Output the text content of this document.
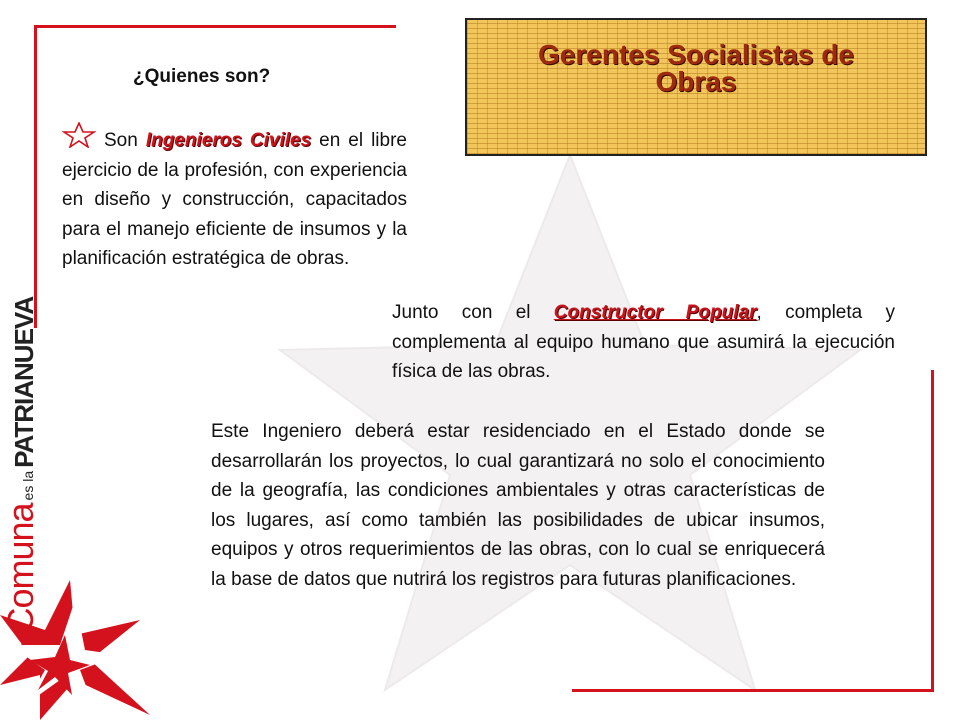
Gerentes Socialistas de Obras
¿Quienes son?
Son Ingenieros Civiles en el libre ejercicio de la profesión, con experiencia en diseño y construcción, capacitados para el manejo eficiente de insumos y la planificación estratégica de obras.
Junto con el Constructor Popular, completa y complementa al equipo humano que asumirá la ejecución física de las obras.
Este Ingeniero deberá estar residenciado en el Estado donde se desarrollarán los proyectos, lo cual garantizará no solo el conocimiento de la geografía, las condiciones ambientales y otras características de los lugares, así como también las posibilidades de ubicar insumos, equipos y otros requerimientos de las obras, con lo cual se enriquecerá la base de datos que nutrirá los registros para futuras planificaciones.
Comuna
es la
PATRIANUEVA
